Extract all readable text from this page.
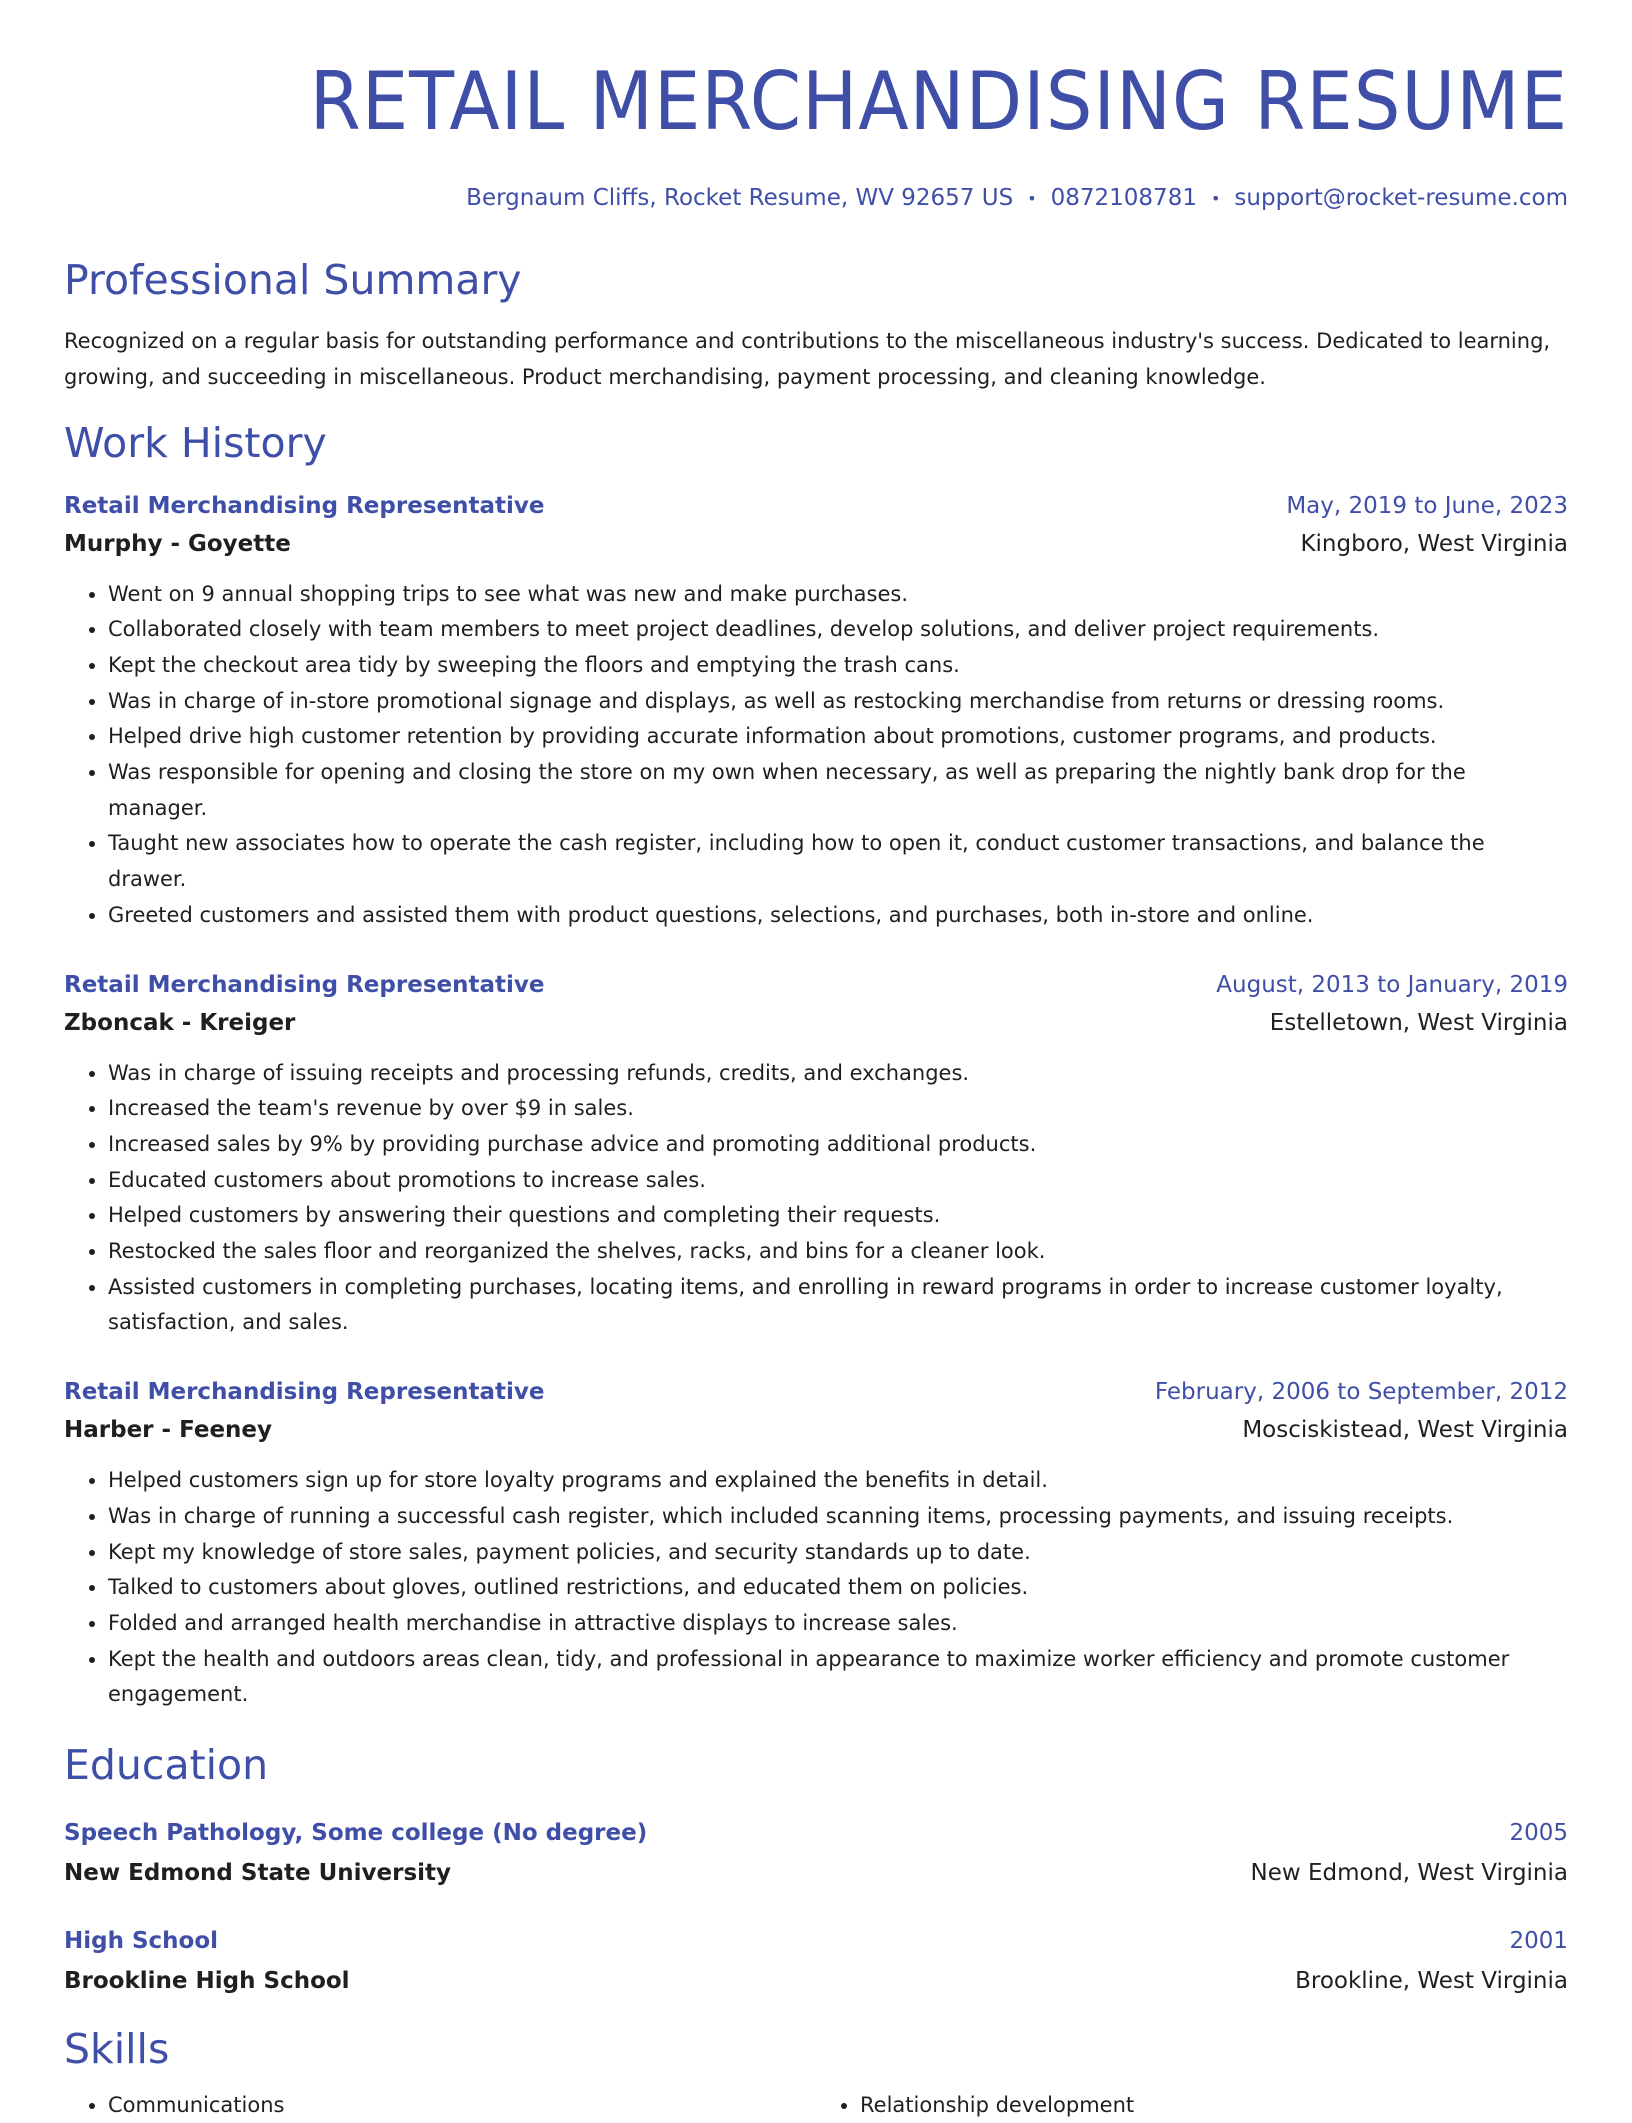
RETAIL MERCHANDISING RESUME
Bergnaum Cliffs, Rocket Resume, WV 92657 US • 0872108781 • support@rocket-resume.com
Professional Summary
Recognized on a regular basis for outstanding performance and contributions to the miscellaneous industry's success. Dedicated to learning, growing, and succeeding in miscellaneous. Product merchandising, payment processing, and cleaning knowledge.
Work History
Retail Merchandising Representative	May, 2019 to June, 2023
Murphy - Goyette	Kingboro, West Virginia
• Went on 9 annual shopping trips to see what was new and make purchases.
• Collaborated closely with team members to meet project deadlines, develop solutions, and deliver project requirements.
• Kept the checkout area tidy by sweeping the floors and emptying the trash cans.
• Was in charge of in-store promotional signage and displays, as well as restocking merchandise from returns or dressing rooms.
• Helped drive high customer retention by providing accurate information about promotions, customer programs, and products.
• Was responsible for opening and closing the store on my own when necessary, as well as preparing the nightly bank drop for the manager.
• Taught new associates how to operate the cash register, including how to open it, conduct customer transactions, and balance the drawer.
• Greeted customers and assisted them with product questions, selections, and purchases, both in-store and online.
Retail Merchandising Representative	August, 2013 to January, 2019
Zboncak - Kreiger	Estelletown, West Virginia
• Was in charge of issuing receipts and processing refunds, credits, and exchanges.
• Increased the team's revenue by over $9 in sales.
• Increased sales by 9% by providing purchase advice and promoting additional products.
• Educated customers about promotions to increase sales.
• Helped customers by answering their questions and completing their requests.
• Restocked the sales floor and reorganized the shelves, racks, and bins for a cleaner look.
• Assisted customers in completing purchases, locating items, and enrolling in reward programs in order to increase customer loyalty, satisfaction, and sales.
Retail Merchandising Representative	February, 2006 to September, 2012
Harber - Feeney	Mosciskistead, West Virginia
• Helped customers sign up for store loyalty programs and explained the benefits in detail.
• Was in charge of running a successful cash register, which included scanning items, processing payments, and issuing receipts.
• Kept my knowledge of store sales, payment policies, and security standards up to date.
• Talked to customers about gloves, outlined restrictions, and educated them on policies.
• Folded and arranged health merchandise in attractive displays to increase sales.
• Kept the health and outdoors areas clean, tidy, and professional in appearance to maximize worker efficiency and promote customer engagement.
Education
Speech Pathology, Some college (No degree)	2005
New Edmond State University	New Edmond, West Virginia
High School	2001
Brookline High School	Brookline, West Virginia
Skills
• Communications
•	Relationship development
